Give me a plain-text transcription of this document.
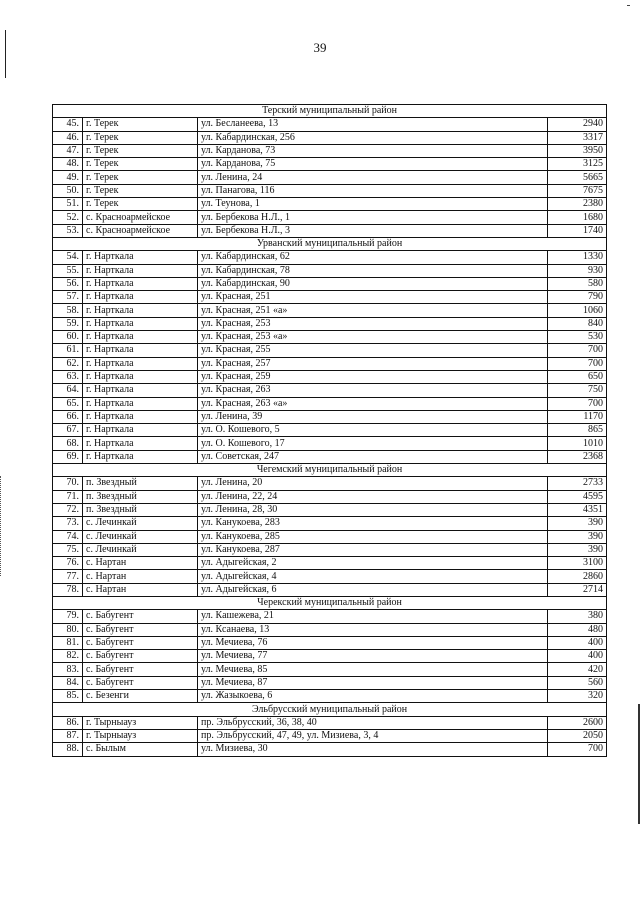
39
Терский муниципальный район			
45.	г. Терек	ул. Бесланеева, 13	2940
46.	г. Терек	ул. Кабардинская, 256	3317
47.	г. Терек	ул. Карданова, 73	3950
48.	г. Терек	ул. Карданова, 75	3125
49.	г. Терек	ул. Ленина, 24	5665
50.	г. Терек	ул. Панагова, 116	7675
51.	г. Терек	ул. Теунова, 1	2380
52.	с. Красноармейское	ул. Бербекова Н.Л., 1	1680
53.	с. Красноармейское	ул. Бербекова Н.Л., 3	1740
Урванский муниципальный район			
54.	г. Нарткала	ул. Кабардинская, 62	1330
55.	г. Нарткала	ул. Кабардинская, 78	930
56.	г. Нарткала	ул. Кабардинская, 90	580
57.	г. Нарткала	ул. Красная, 251	790
58.	г. Нарткала	ул. Красная, 251 «а»	1060
59.	г. Нарткала	ул. Красная, 253	840
60.	г. Нарткала	ул. Красная, 253 «а»	530
61.	г. Нарткала	ул. Красная, 255	700
62.	г. Нарткала	ул. Красная, 257	700
63.	г. Нарткала	ул. Красная, 259	650
64.	г. Нарткала	ул. Красная, 263	750
65.	г. Нарткала	ул. Красная, 263 «а»	700
66.	г. Нарткала	ул. Ленина, 39	1170
67.	г. Нарткала	ул. О. Кошевого, 5	865
68.	г. Нарткала	ул. О. Кошевого, 17	1010
69.	г. Нарткала	ул. Советская, 247	2368
Чегемский муниципальный район			
70.	п. Звездный	ул. Ленина, 20	2733
71.	п. Звездный	ул. Ленина, 22, 24	4595
72.	п. Звездный	ул. Ленина, 28, 30	4351
73.	с. Лечинкай	ул. Канукоева, 283	390
74.	с. Лечинкай	ул. Канукоева, 285	390
75.	с. Лечинкай	ул. Канукоева, 287	390
76.	с. Нартан	ул. Адыгейская, 2	3100
77.	с. Нартан	ул. Адыгейская, 4	2860
78.	с. Нартан	ул. Адыгейская, 6	2714
Черекский муниципальный район			
79.	с. Бабугент	ул. Кашежева, 21	380
80.	с. Бабугент	ул. Ксанаева, 13	480
81.	с. Бабугент	ул. Мечиева, 76	400
82.	с. Бабугент	ул. Мечиева, 77	400
83.	с. Бабугент	ул. Мечиева, 85	420
84.	с. Бабугент	ул. Мечиева, 87	560
85.	с. Безенги	ул. Жазыкоева, 6	320
Эльбрусский муниципальный район			
86.	г. Тырныауз	пр. Эльбрусский, 36, 38, 40	2600
87.	г. Тырныауз	пр. Эльбрусский, 47, 49, ул. Мизиева, 3, 4	2050
88.	с. Былым	ул. Мизиева, 30	700
